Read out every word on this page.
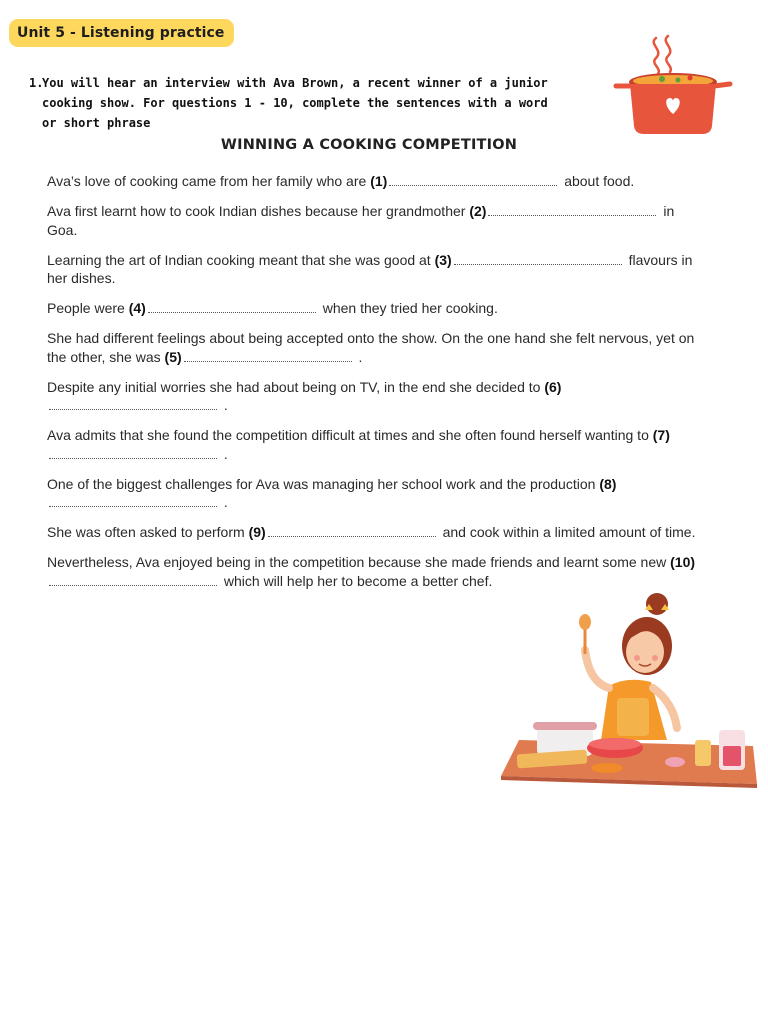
Unit 5 - Listening practice
1.
You will hear an interview with Ava Brown, a recent winner of a junior cooking show. For questions 1 - 10, complete the sentences with a word or short phrase
WINNING A COOKING COMPETITION
Ava’s love of cooking came from her family who are (1)	about food.
Ava first learnt how to cook Indian dishes because her grandmother (2)	in Goa.
Learning the art of Indian cooking meant that she was good at (3)	flavours in her dishes.
People were (4)	when they tried her cooking.
She had different feelings about being accepted onto the show. On the one hand she felt nervous, yet on the other, she was (5)	.
Despite any initial worries she had about being on TV, in the end she decided to (6) .
Ava admits that she found the competition difficult at times and she often found herself wanting to (7) .
One of the biggest challenges for Ava was managing her school work and the production (8) .
She was often asked to perform (9)	and cook within a limited amount of time.
Nevertheless, Ava enjoyed being in the competition because she made friends and learnt some new (10) which will help her to become a better chef.
